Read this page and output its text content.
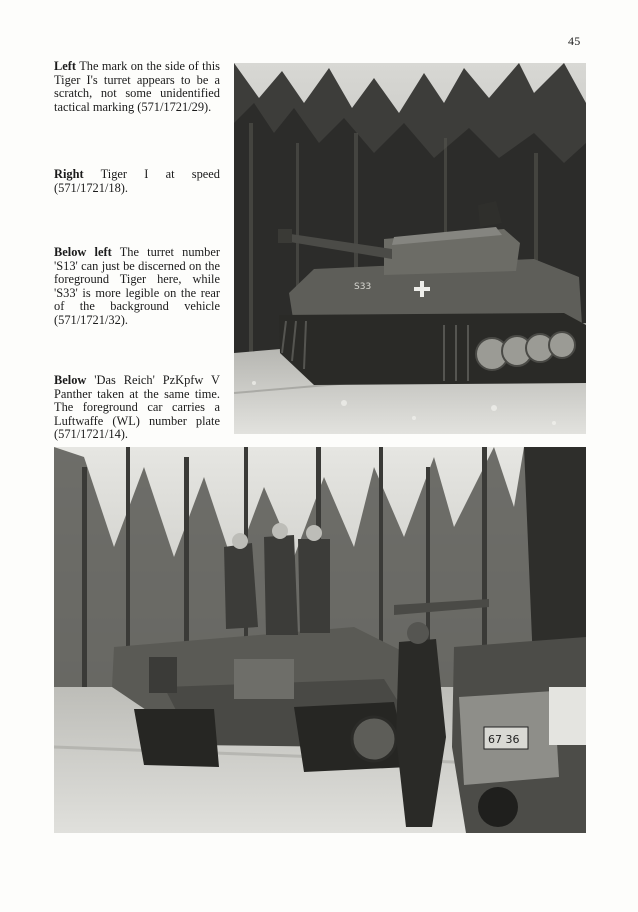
45
Left The mark on the side of this Tiger I's turret appears to be a scratch, not some unidentified tactical marking (571/1721/29).
Right Tiger I at speed (571/1721/18).
Below left The turret number 'S13' can just be discerned on the foreground Tiger here, while 'S33' is more legible on the rear of the background vehicle (571/1721/32).
Below 'Das Reich' PzKpfw V Panther taken at the same time. The foreground car carries a Luftwaffe (WL) number plate (571/1721/14).
S33
67 36
